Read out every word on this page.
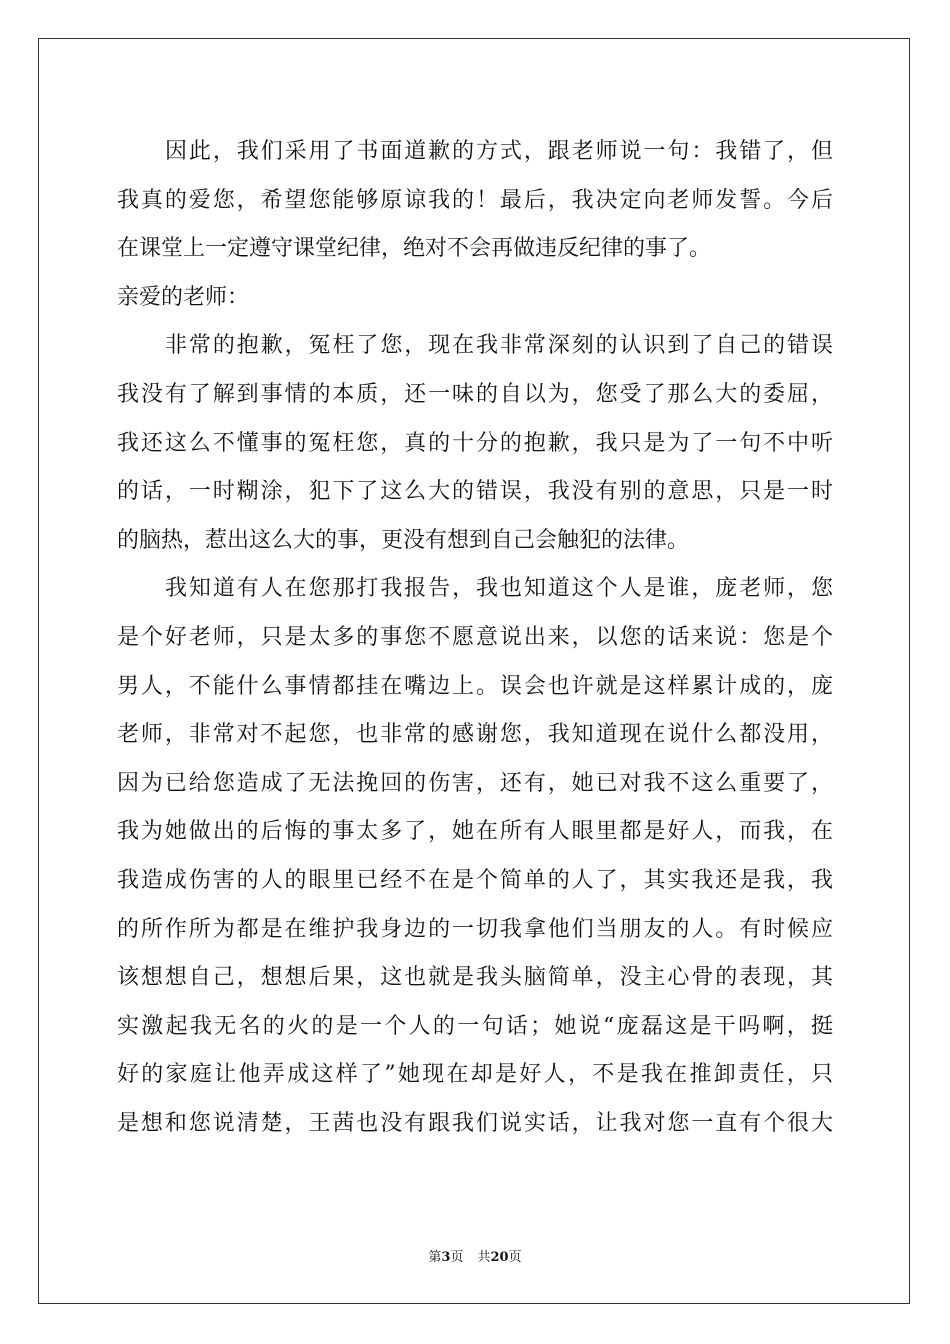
因此，我们采用了书面道歉的方式，跟老师说一句：我错了，但
我真的爱您，希望您能够原谅我的！最后，我决定向老师发誓。今后
在课堂上一定遵守课堂纪律，绝对不会再做违反纪律的事了。
亲爱的老师：
非常的抱歉，冤枉了您，现在我非常深刻的认识到了自己的错误
我没有了解到事情的本质，还一味的自以为，您受了那么大的委屈，
我还这么不懂事的冤枉您，真的十分的抱歉，我只是为了一句不中听
的话，一时糊涂，犯下了这么大的错误，我没有别的意思，只是一时
的脑热，惹出这么大的事，更没有想到自己会触犯的法律。
我知道有人在您那打我报告，我也知道这个人是谁，庞老师，您
是个好老师，只是太多的事您不愿意说出来，以您的话来说：您是个
男人，不能什么事情都挂在嘴边上。误会也许就是这样累计成的，庞
老师，非常对不起您，也非常的感谢您，我知道现在说什么都没用，
因为已给您造成了无法挽回的伤害，还有，她已对我不这么重要了，
我为她做出的后悔的事太多了，她在所有人眼里都是好人，而我，在
我造成伤害的人的眼里已经不在是个简单的人了，其实我还是我，我
的所作所为都是在维护我身边的一切我拿他们当朋友的人。有时候应
该想想自己，想想后果，这也就是我头脑简单，没主心骨的表现，其
实激起我无名的火的是一个人的一句话；她说“庞磊这是干吗啊，挺
好的家庭让他弄成这样了”她现在却是好人，不是我在推卸责任，只
是想和您说清楚，王茜也没有跟我们说实话，让我对您一直有个很大
第3页 共20页
